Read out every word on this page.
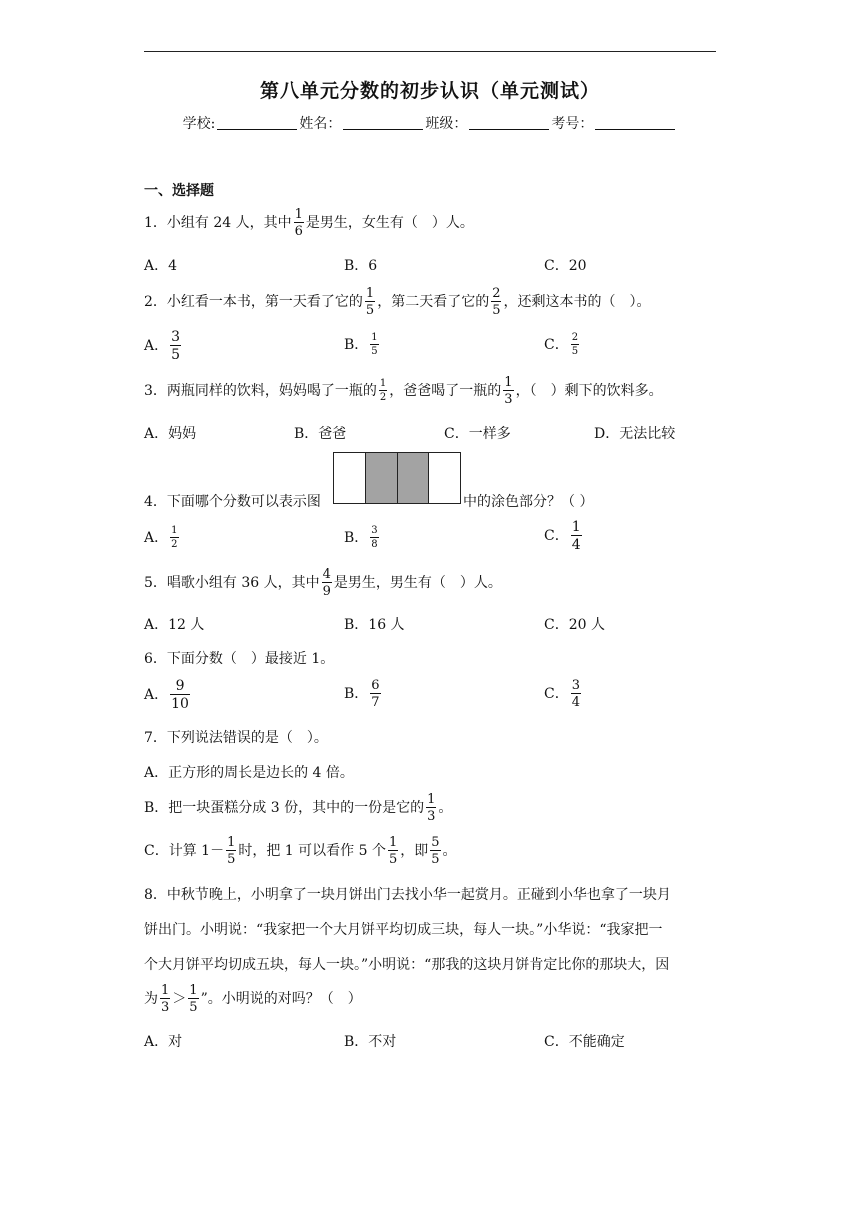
第八单元分数的初步认识（单元测试）
学校:	姓名：	班级：	考号：
一、选择题
1．小组有 24 人，其中 $\frac{1}{6}$ 是男生，女生有（　）人。
A．4	B．6	C．20
2．小红看一本书，第一天看了它的 $\frac{1}{5}$ ，第二天看了它的 $\frac{2}{5}$ ，还剩这本书的（　）。
A． $\frac{3}{5}$	B． $\frac{1}{5}$	C． $\frac{2}{5}$
3．两瓶同样的饮料，妈妈喝了一瓶的 $\frac{1}{2}$ ，爸爸喝了一瓶的 $\frac{1}{3}$ ，（　）剩下的饮料多。
A．妈妈	B．爸爸	C．一样多	D．无法比较
4．下面哪个分数可以表示图	中的涂色部分？（ ）
A． $\frac{1}{2}$	B． $\frac{3}{8}$	C． $\frac{1}{4}$
5．唱歌小组有 36 人，其中 $\frac{4}{9}$ 是男生，男生有（　）人。
A．12 人	B．16 人	C．20 人
6．下面分数（　）最接近 1。
A． $\frac{9}{10}$	B． $\frac{6}{7}$	C． $\frac{3}{4}$
7．下列说法错误的是（　）。
A．正方形的周长是边长的 4 倍。
B．把一块蛋糕分成 3 份，其中的一份是它的 $\frac{1}{3}$ 。
C．计算 $1- \frac{1}{5}$ 时，把 1 可以看作 5 个 $\frac{1}{5}$ ，即 $\frac{5}{5}$ 。
8．中秋节晚上，小明拿了一块月饼出门去找小华一起赏月。正碰到小华也拿了一块月
饼出门。小明说：“我家把一个大月饼平均切成三块，每人一块。”小华说：“我家把一
个大月饼平均切成五块，每人一块。”小明说：“那我的这块月饼肯定比你的那块大，因
为 $\frac{1}{3} > \frac{1}{5}$ ”。小明说的对吗？（　）
A．对	B．不对	C．不能确定
